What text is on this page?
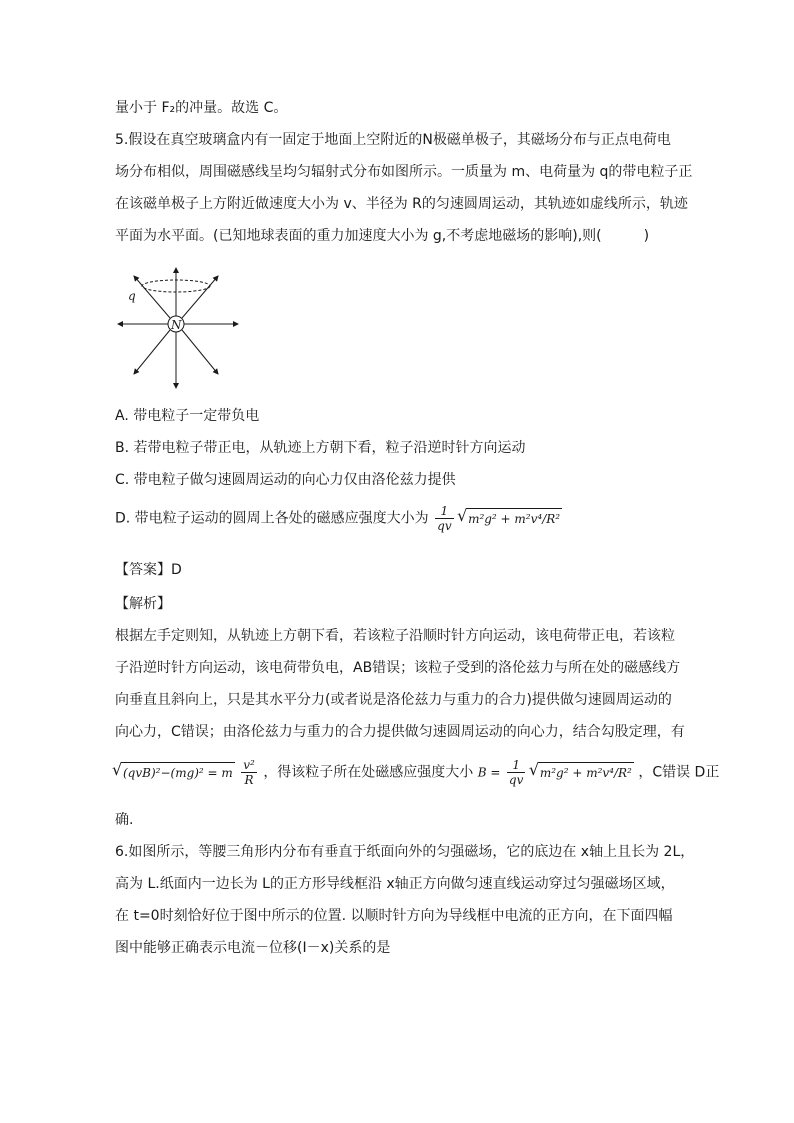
量小于 F₂的冲量。故选 C。
5.假设在真空玻璃盒内有一固定于地面上空附近的N极磁单极子，其磁场分布与正点电荷电
场分布相似，周围磁感线呈均匀辐射式分布如图所示。一质量为 m、电荷量为 q的带电粒子正
在该磁单极子上方附近做速度大小为 v、半径为 R的匀速圆周运动，其轨迹如虚线所示，轨迹
平面为水平面。(已知地球表面的重力加速度大小为 g,不考虑地磁场的影响),则(　　　)
q
N
A. 带电粒子一定带负电
B. 若带电粒子带正电，从轨迹上方朝下看，粒子沿逆时针方向运动
C. 带电粒子做匀速圆周运动的向心力仅由洛伦兹力提供
D. 带电粒子运动的圆周上各处的磁感应强度大小为 $\frac{1}{qv}$ √ m²g² + m²v⁴/R²
【答案】D
【解析】
根据左手定则知，从轨迹上方朝下看，若该粒子沿顺时针方向运动，该电荷带正电，若该粒
子沿逆时针方向运动，该电荷带负电，AB错误；该粒子受到的洛伦兹力与所在处的磁感线方
向垂直且斜向上，只是其水平分力(或者说是洛伦兹力与重力的合力)提供做匀速圆周运动的
向心力，C错误；由洛伦兹力与重力的合力提供做匀速圆周运动的向心力，结合勾股定理，有
√ (qvB)²−(mg)² = m $\frac{\text{v²}}{R}$ ，得该粒子所在处磁感应强度大小 $B = \frac{1}{qv}$ √ m²g² + m²v⁴/R² ，C错误 D正
确.
6.如图所示，等腰三角形内分布有垂直于纸面向外的匀强磁场，它的底边在 x轴上且长为 2L，
高为 L.纸面内一边长为 L的正方形导线框沿 x轴正方向做匀速直线运动穿过匀强磁场区域，
在 t=0时刻恰好位于图中所示的位置. 以顺时针方向为导线框中电流的正方向，在下面四幅
图中能够正确表示电流－位移(I－x)关系的是
